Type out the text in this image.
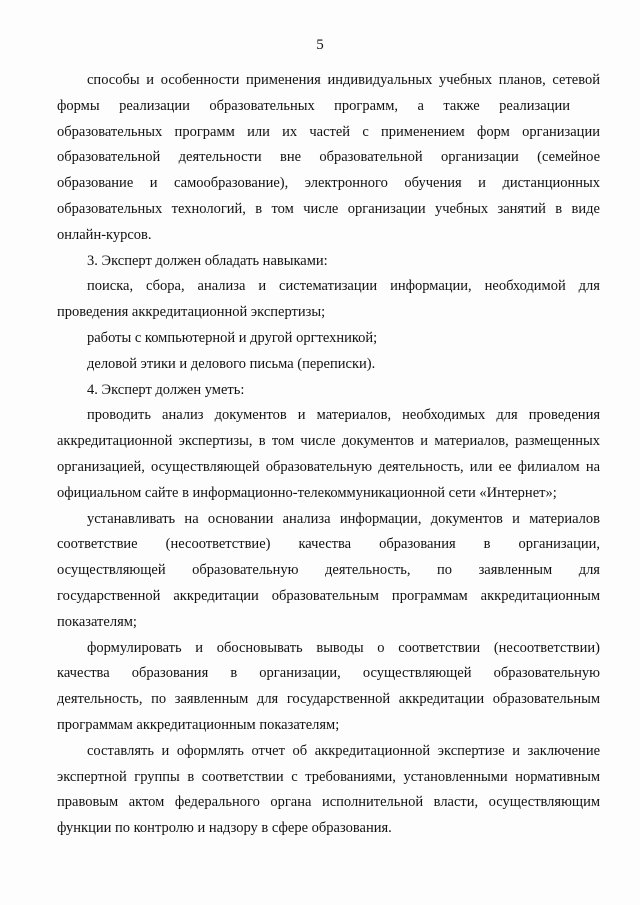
5
способы и особенности применения индивидуальных учебных планов, сетевой
формы реализации образовательных программ, а также реализации
образовательных программ или их частей с применением форм организации
образовательной деятельности вне образовательной организации (семейное
образование и самообразование), электронного обучения и дистанционных
образовательных технологий, в том числе организации учебных занятий в виде
онлайн-курсов.
3. Эксперт должен обладать навыками:
поиска, сбора, анализа и систематизации информации, необходимой для
проведения аккредитационной экспертизы;
работы с компьютерной и другой оргтехникой;
деловой этики и делового письма (переписки).
4. Эксперт должен уметь:
проводить анализ документов и материалов, необходимых для проведения
аккредитационной экспертизы, в том числе документов и материалов, размещенных
организацией, осуществляющей образовательную деятельность, или ее филиалом на
официальном сайте в информационно-телекоммуникационной сети «Интернет»;
устанавливать на основании анализа информации, документов и материалов
соответствие (несоответствие) качества образования в организации,
осуществляющей образовательную деятельность, по заявленным для
государственной аккредитации образовательным программам аккредитационным
показателям;
формулировать и обосновывать выводы о соответствии (несоответствии)
качества образования в организации, осуществляющей образовательную
деятельность, по заявленным для государственной аккредитации образовательным
программам аккредитационным показателям;
составлять и оформлять отчет об аккредитационной экспертизе и заключение
экспертной группы в соответствии с требованиями, установленными нормативным
правовым актом федерального органа исполнительной власти, осуществляющим
функции по контролю и надзору в сфере образования.
